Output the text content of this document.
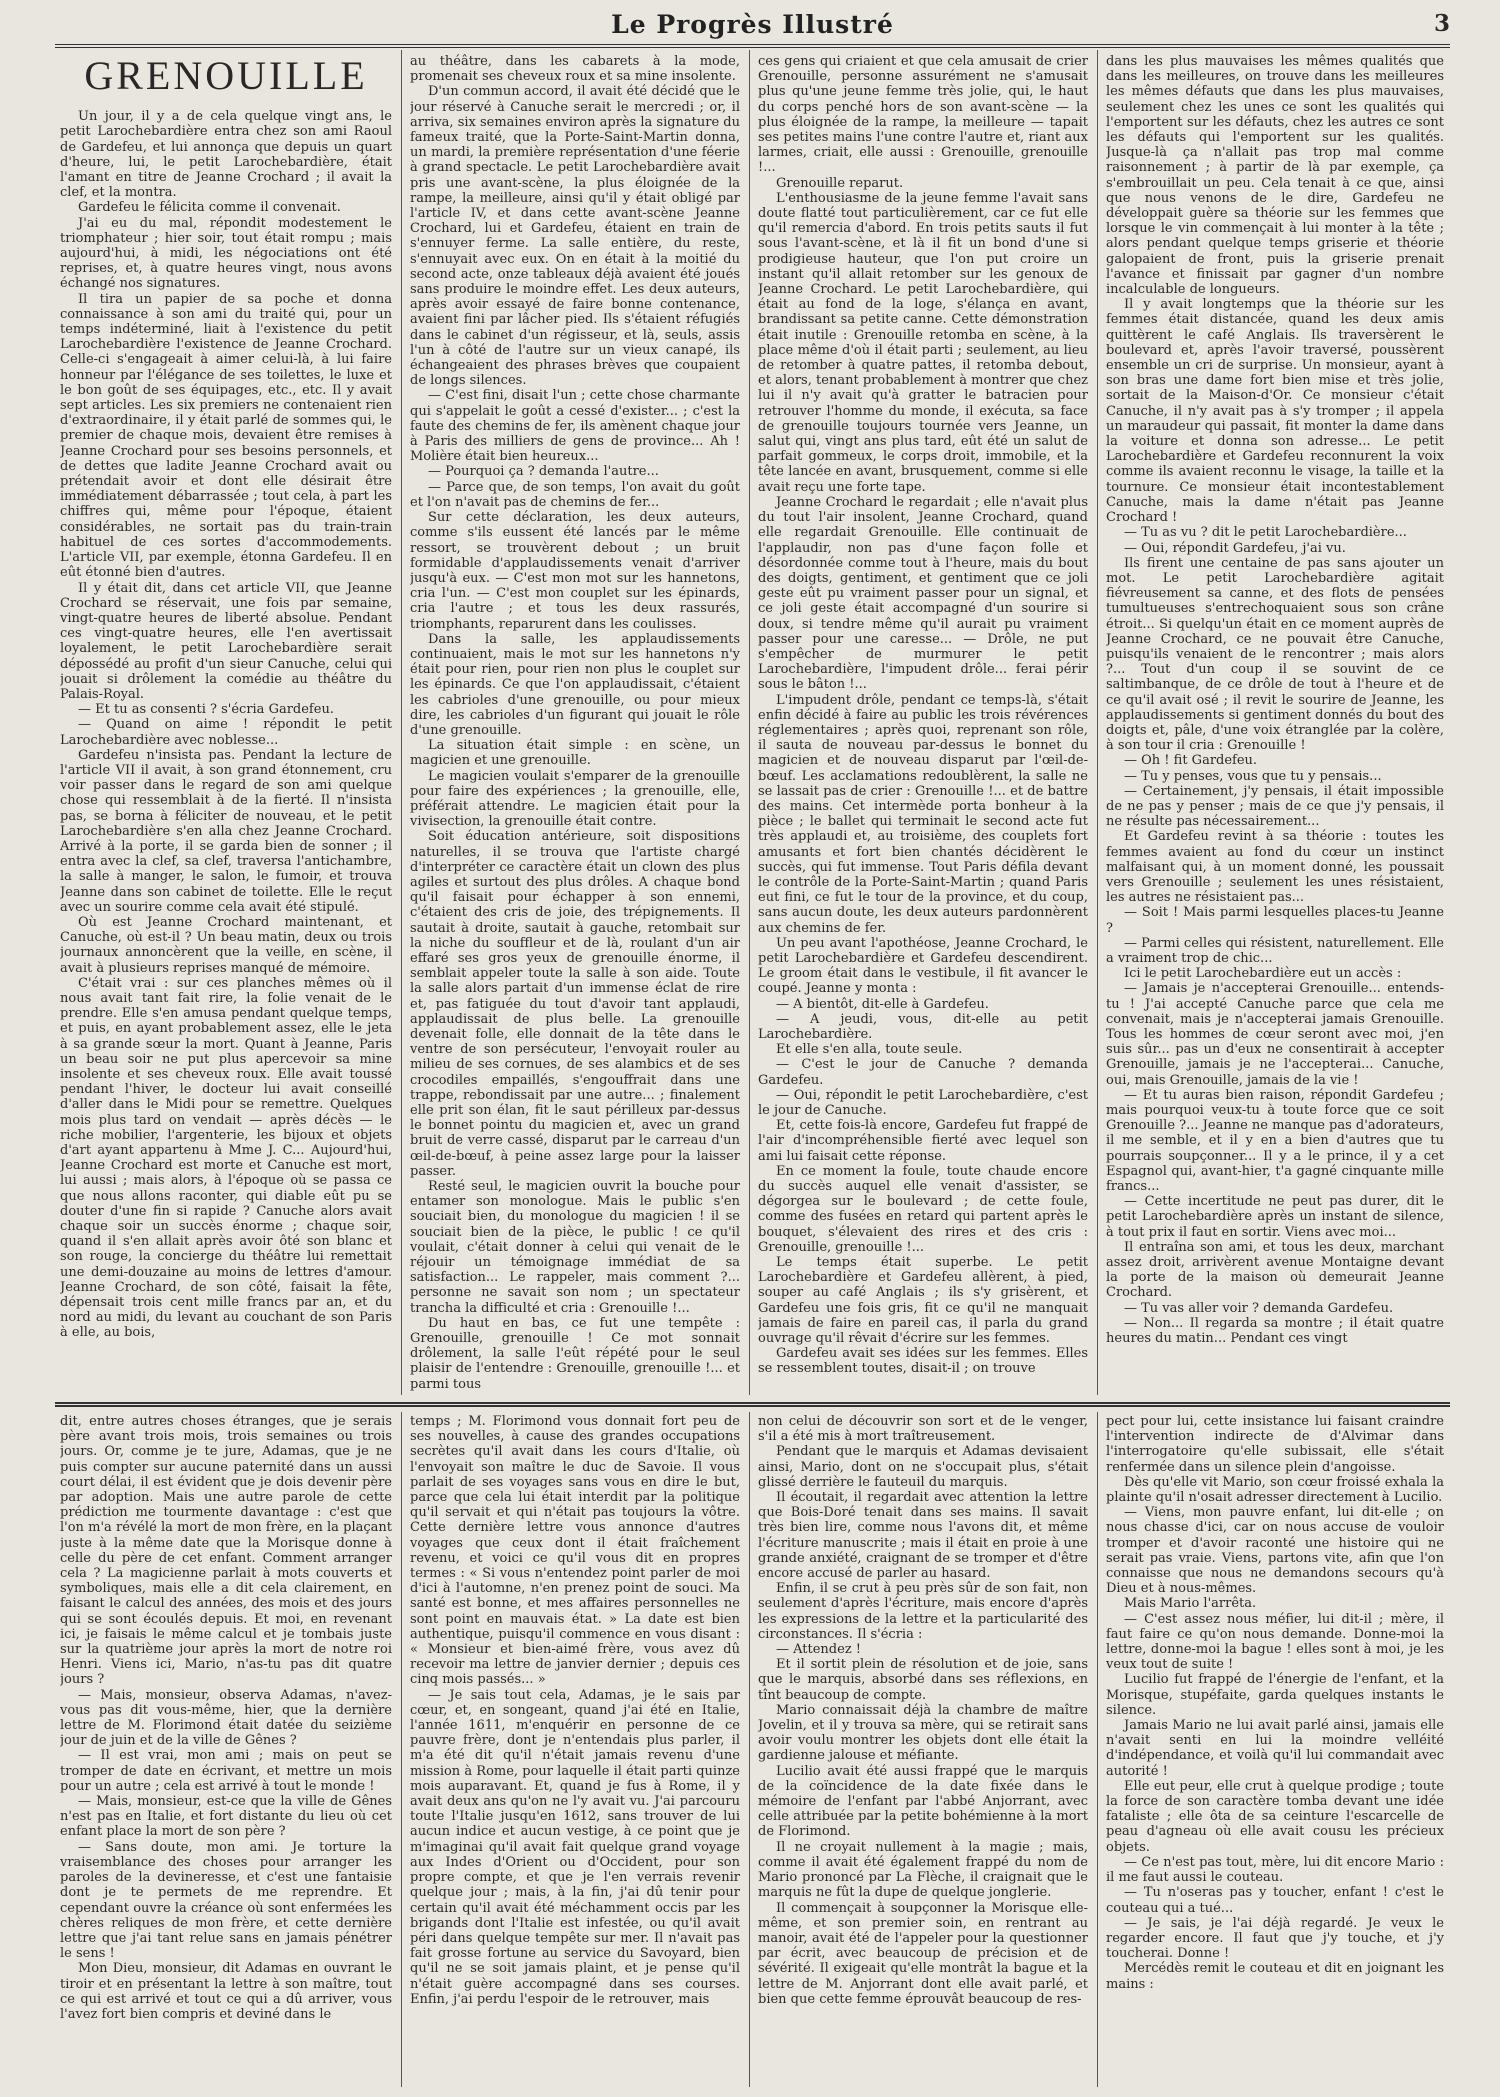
Le Progrès Illustré	3
GRENOUILLE

Un jour, il y a de cela quelque vingt ans, le petit Larochebardière entra chez son ami Raoul de Gardefeu, et lui annonça que depuis un quart d'heure, lui, le petit Larochebardière, était l'amant en titre de Jeanne Crochard ; il avait la clef, et la montra.

Gardefeu le félicita comme il convenait.

J'ai eu du mal, répondit modestement le triomphateur ; hier soir, tout était rompu ; mais aujourd'hui, à midi, les négociations ont été reprises, et, à quatre heures vingt, nous avons échangé nos signatures.

Il tira un papier de sa poche et donna connaissance à son ami du traité qui, pour un temps indéterminé, liait à l'existence du petit Larochebardière l'existence de Jeanne Crochard. Celle-ci s'engageait à aimer celui-là, à lui faire honneur par l'élégance de ses toilettes, le luxe et le bon goût de ses équipages, etc., etc. Il y avait sept articles. Les six premiers ne contenaient rien d'extraordinaire, il y était parlé de sommes qui, le premier de chaque mois, devaient être remises à Jeanne Crochard pour ses besoins personnels, et de dettes que ladite Jeanne Crochard avait ou prétendait avoir et dont elle désirait être immédiatement débarrassée ; tout cela, à part les chiffres qui, même pour l'époque, étaient considérables, ne sortait pas du train-train habituel de ces sortes d'accommodements. L'article VII, par exemple, étonna Gardefeu. Il en eût étonné bien d'autres.

Il y était dit, dans cet article VII, que Jeanne Crochard se réservait, une fois par semaine, vingt-quatre heures de liberté absolue. Pendant ces vingt-quatre heures, elle l'en avertissait loyalement, le petit Larochebardière serait dépossédé au profit d'un sieur Canuche, celui qui jouait si drôlement la comédie au théâtre du Palais-Royal.

— Et tu as consenti ? s'écria Gardefeu.

— Quand on aime ! répondit le petit Larochebardière avec noblesse...

Gardefeu n'insista pas. Pendant la lecture de l'article VII il avait, à son grand étonnement, cru voir passer dans le regard de son ami quelque chose qui ressemblait à de la fierté. Il n'insista pas, se borna à féliciter de nouveau, et le petit Larochebardière s'en alla chez Jeanne Crochard. Arrivé à la porte, il se garda bien de sonner ; il entra avec la clef, sa clef, traversa l'antichambre, la salle à manger, le salon, le fumoir, et trouva Jeanne dans son cabinet de toilette. Elle le reçut avec un sourire comme cela avait été stipulé.

Où est Jeanne Crochard maintenant, et Canuche, où est-il ? Un beau matin, deux ou trois journaux annoncèrent que la veille, en scène, il avait à plusieurs reprises manqué de mémoire.

C'était vrai : sur ces planches mêmes où il nous avait tant fait rire, la folie venait de le prendre. Elle s'en amusa pendant quelque temps, et puis, en ayant probablement assez, elle le jeta à sa grande sœur la mort. Quant à Jeanne, Paris un beau soir ne put plus apercevoir sa mine insolente et ses cheveux roux. Elle avait toussé pendant l'hiver, le docteur lui avait conseillé d'aller dans le Midi pour se remettre. Quelques mois plus tard on vendait — après décès — le riche mobilier, l'argenterie, les bijoux et objets d'art ayant appartenu à Mme J. C... Aujourd'hui, Jeanne Crochard est morte et Canuche est mort, lui aussi ; mais alors, à l'époque où se passa ce que nous allons raconter, qui diable eût pu se douter d'une fin si rapide ? Canuche alors avait chaque soir un succès énorme ; chaque soir, quand il s'en allait après avoir ôté son blanc et son rouge, la concierge du théâtre lui remettait une demi-douzaine au moins de lettres d'amour. Jeanne Crochard, de son côté, faisait la fête, dépensait trois cent mille francs par an, et du nord au midi, du levant au couchant de son Paris à elle, au bois,

au théâtre, dans les cabarets à la mode, promenait ses cheveux roux et sa mine insolente.

D'un commun accord, il avait été décidé que le jour réservé à Canuche serait le mercredi ; or, il arriva, six semaines environ après la signature du fameux traité, que la Porte-Saint-Martin donna, un mardi, la première représentation d'une féerie à grand spectacle. Le petit Larochebardière avait pris une avant-scène, la plus éloignée de la rampe, la meilleure, ainsi qu'il y était obligé par l'article IV, et dans cette avant-scène Jeanne Crochard, lui et Gardefeu, étaient en train de s'ennuyer ferme. La salle entière, du reste, s'ennuyait avec eux. On en était à la moitié du second acte, onze tableaux déjà avaient été joués sans produire le moindre effet. Les deux auteurs, après avoir essayé de faire bonne contenance, avaient fini par lâcher pied. Ils s'étaient réfugiés dans le cabinet d'un régisseur, et là, seuls, assis l'un à côté de l'autre sur un vieux canapé, ils échangeaient des phrases brèves que coupaient de longs silences.

— C'est fini, disait l'un ; cette chose charmante qui s'appelait le goût a cessé d'exister... ; c'est la faute des chemins de fer, ils amènent chaque jour à Paris des milliers de gens de province... Ah ! Molière était bien heureux...

— Pourquoi ça ? demanda l'autre...

— Parce que, de son temps, l'on avait du goût et l'on n'avait pas de chemins de fer...

Sur cette déclaration, les deux auteurs, comme s'ils eussent été lancés par le même ressort, se trouvèrent debout ; un bruit formidable d'applaudissements venait d'arriver jusqu'à eux. — C'est mon mot sur les hannetons, cria l'un. — C'est mon couplet sur les épinards, cria l'autre ; et tous les deux rassurés, triomphants, reparurent dans les coulisses.

Dans la salle, les applaudissements continuaient, mais le mot sur les hannetons n'y était pour rien, pour rien non plus le couplet sur les épinards. Ce que l'on applaudissait, c'étaient les cabrioles d'une grenouille, ou pour mieux dire, les cabrioles d'un figurant qui jouait le rôle d'une grenouille.

La situation était simple : en scène, un magicien et une grenouille.

Le magicien voulait s'emparer de la grenouille pour faire des expériences ; la grenouille, elle, préférait attendre. Le magicien était pour la vivisection, la grenouille était contre.

Soit éducation antérieure, soit dispositions naturelles, il se trouva que l'artiste chargé d'interpréter ce caractère était un clown des plus agiles et surtout des plus drôles. A chaque bond qu'il faisait pour échapper à son ennemi, c'étaient des cris de joie, des trépignements. Il sautait à droite, sautait à gauche, retombait sur la niche du souffleur et de là, roulant d'un air effaré ses gros yeux de grenouille énorme, il semblait appeler toute la salle à son aide. Toute la salle alors partait d'un immense éclat de rire et, pas fatiguée du tout d'avoir tant applaudi, applaudissait de plus belle. La grenouille devenait folle, elle donnait de la tête dans le ventre de son persécuteur, l'envoyait rouler au milieu de ses cornues, de ses alambics et de ses crocodiles empaillés, s'engouffrait dans une trappe, rebondissait par une autre... ; finalement elle prit son élan, fit le saut périlleux par-dessus le bonnet pointu du magicien et, avec un grand bruit de verre cassé, disparut par le carreau d'un œil-de-bœuf, à peine assez large pour la laisser passer.

Resté seul, le magicien ouvrit la bouche pour entamer son monologue. Mais le public s'en souciait bien, du monologue du magicien ! il se souciait bien de la pièce, le public ! ce qu'il voulait, c'était donner à celui qui venait de le réjouir un témoignage immédiat de sa satisfaction... Le rappeler, mais comment ?... personne ne savait son nom ; un spectateur trancha la difficulté et cria : Grenouille !...

Du haut en bas, ce fut une tempête : Grenouille, grenouille ! Ce mot sonnait drôlement, la salle l'eût répété pour le seul plaisir de l'entendre : Grenouille, grenouille !... et parmi tous

ces gens qui criaient et que cela amusait de crier Grenouille, personne assurément ne s'amusait plus qu'une jeune femme très jolie, qui, le haut du corps penché hors de son avant-scène — la plus éloignée de la rampe, la meilleure — tapait ses petites mains l'une contre l'autre et, riant aux larmes, criait, elle aussi : Grenouille, grenouille !...

Grenouille reparut.

L'enthousiasme de la jeune femme l'avait sans doute flatté tout particulièrement, car ce fut elle qu'il remercia d'abord. En trois petits sauts il fut sous l'avant-scène, et là il fit un bond d'une si prodigieuse hauteur, que l'on put croire un instant qu'il allait retomber sur les genoux de Jeanne Crochard. Le petit Larochebardière, qui était au fond de la loge, s'élança en avant, brandissant sa petite canne. Cette démonstration était inutile : Grenouille retomba en scène, à la place même d'où il était parti ; seulement, au lieu de retomber à quatre pattes, il retomba debout, et alors, tenant probablement à montrer que chez lui il n'y avait qu'à gratter le batracien pour retrouver l'homme du monde, il exécuta, sa face de grenouille toujours tournée vers Jeanne, un salut qui, vingt ans plus tard, eût été un salut de parfait gommeux, le corps droit, immobile, et la tête lancée en avant, brusquement, comme si elle avait reçu une forte tape.

Jeanne Crochard le regardait ; elle n'avait plus du tout l'air insolent, Jeanne Crochard, quand elle regardait Grenouille. Elle continuait de l'applaudir, non pas d'une façon folle et désordonnée comme tout à l'heure, mais du bout des doigts, gentiment, et gentiment que ce joli geste eût pu vraiment passer pour un signal, et ce joli geste était accompagné d'un sourire si doux, si tendre même qu'il aurait pu vraiment passer pour une caresse... — Drôle, ne put s'empêcher de murmurer le petit Larochebardière, l'impudent drôle... ferai périr sous le bâton !...

L'impudent drôle, pendant ce temps-là, s'était enfin décidé à faire au public les trois révérences réglementaires ; après quoi, reprenant son rôle, il sauta de nouveau par-dessus le bonnet du magicien et de nouveau disparut par l'œil-de-bœuf. Les acclamations redoublèrent, la salle ne se lassait pas de crier : Grenouille !... et de battre des mains. Cet intermède porta bonheur à la pièce ; le ballet qui terminait le second acte fut très applaudi et, au troisième, des couplets fort amusants et fort bien chantés décidèrent le succès, qui fut immense. Tout Paris défila devant le contrôle de la Porte-Saint-Martin ; quand Paris eut fini, ce fut le tour de la province, et du coup, sans aucun doute, les deux auteurs pardonnèrent aux chemins de fer.

Un peu avant l'apothéose, Jeanne Crochard, le petit Larochebardière et Gardefeu descendirent. Le groom était dans le vestibule, il fit avancer le coupé. Jeanne y monta :

— A bientôt, dit-elle à Gardefeu.

— A jeudi, vous, dit-elle au petit Larochebardière.

Et elle s'en alla, toute seule.

— C'est le jour de Canuche ? demanda Gardefeu.

— Oui, répondit le petit Larochebardière, c'est le jour de Canuche.

Et, cette fois-là encore, Gardefeu fut frappé de l'air d'incompréhensible fierté avec lequel son ami lui faisait cette réponse.

En ce moment la foule, toute chaude encore du succès auquel elle venait d'assister, se dégorgea sur le boulevard ; de cette foule, comme des fusées en retard qui partent après le bouquet, s'élevaient des rires et des cris : Grenouille, grenouille !...

Le temps était superbe. Le petit Larochebardière et Gardefeu allèrent, à pied, souper au café Anglais ; ils s'y grisèrent, et Gardefeu une fois gris, fit ce qu'il ne manquait jamais de faire en pareil cas, il parla du grand ouvrage qu'il rêvait d'écrire sur les femmes.

Gardefeu avait ses idées sur les femmes. Elles se ressemblent toutes, disait-il ; on trouve

dans les plus mauvaises les mêmes qualités que dans les meilleures, on trouve dans les meilleures les mêmes défauts que dans les plus mauvaises, seulement chez les unes ce sont les qualités qui l'emportent sur les défauts, chez les autres ce sont les défauts qui l'emportent sur les qualités. Jusque-là ça n'allait pas trop mal comme raisonnement ; à partir de là par exemple, ça s'embrouillait un peu. Cela tenait à ce que, ainsi que nous venons de le dire, Gardefeu ne développait guère sa théorie sur les femmes que lorsque le vin commençait à lui monter à la tête ; alors pendant quelque temps griserie et théorie galopaient de front, puis la griserie prenait l'avance et finissait par gagner d'un nombre incalculable de longueurs.

Il y avait longtemps que la théorie sur les femmes était distancée, quand les deux amis quittèrent le café Anglais. Ils traversèrent le boulevard et, après l'avoir traversé, poussèrent ensemble un cri de surprise. Un monsieur, ayant à son bras une dame fort bien mise et très jolie, sortait de la Maison-d'Or. Ce monsieur c'était Canuche, il n'y avait pas à s'y tromper ; il appela un maraudeur qui passait, fit monter la dame dans la voiture et donna son adresse... Le petit Larochebardière et Gardefeu reconnurent la voix comme ils avaient reconnu le visage, la taille et la tournure. Ce monsieur était incontestablement Canuche, mais la dame n'était pas Jeanne Crochard !

— Tu as vu ? dit le petit Larochebardière...

— Oui, répondit Gardefeu, j'ai vu.

Ils firent une centaine de pas sans ajouter un mot. Le petit Larochebardière agitait fiévreusement sa canne, et des flots de pensées tumultueuses s'entrechoquaient sous son crâne étroit... Si quelqu'un était en ce moment auprès de Jeanne Crochard, ce ne pouvait être Canuche, puisqu'ils venaient de le rencontrer ; mais alors ?... Tout d'un coup il se souvint de ce saltimbanque, de ce drôle de tout à l'heure et de ce qu'il avait osé ; il revit le sourire de Jeanne, les applaudissements si gentiment donnés du bout des doigts et, pâle, d'une voix étranglée par la colère, à son tour il cria : Grenouille !

— Oh ! fit Gardefeu.

— Tu y penses, vous que tu y pensais...

— Certainement, j'y pensais, il était impossible de ne pas y penser ; mais de ce que j'y pensais, il ne résulte pas nécessairement...

Et Gardefeu revint à sa théorie : toutes les femmes avaient au fond du cœur un instinct malfaisant qui, à un moment donné, les poussait vers Grenouille ; seulement les unes résistaient, les autres ne résistaient pas...

— Soit ! Mais parmi lesquelles places-tu Jeanne ?

— Parmi celles qui résistent, naturellement. Elle a vraiment trop de chic...

Ici le petit Larochebardière eut un accès :

— Jamais je n'accepterai Grenouille... entends-tu ! J'ai accepté Canuche parce que cela me convenait, mais je n'accepterai jamais Grenouille. Tous les hommes de cœur seront avec moi, j'en suis sûr... pas un d'eux ne consentirait à accepter Grenouille, jamais je ne l'accepterai... Canuche, oui, mais Grenouille, jamais de la vie !

— Et tu auras bien raison, répondit Gardefeu ; mais pourquoi veux-tu à toute force que ce soit Grenouille ?... Jeanne ne manque pas d'adorateurs, il me semble, et il y en a bien d'autres que tu pourrais soupçonner... Il y a le prince, il y a cet Espagnol qui, avant-hier, t'a gagné cinquante mille francs...

— Cette incertitude ne peut pas durer, dit le petit Larochebardière après un instant de silence, à tout prix il faut en sortir. Viens avec moi...

Il entraîna son ami, et tous les deux, marchant assez droit, arrivèrent avenue Montaigne devant la porte de la maison où demeurait Jeanne Crochard.

— Tu vas aller voir ? demanda Gardefeu.

— Non... Il regarda sa montre ; il était quatre heures du matin... Pendant ces vingt

dit, entre autres choses étranges, que je serais père avant trois mois, trois semaines ou trois jours. Or, comme je te jure, Adamas, que je ne puis compter sur aucune paternité dans un aussi court délai, il est évident que je dois devenir père par adoption. Mais une autre parole de cette prédiction me tourmente davantage : c'est que l'on m'a révélé la mort de mon frère, en la plaçant juste à la même date que la Morisque donne à celle du père de cet enfant. Comment arranger cela ? La magicienne parlait à mots couverts et symboliques, mais elle a dit cela clairement, en faisant le calcul des années, des mois et des jours qui se sont écoulés depuis. Et moi, en revenant ici, je faisais le même calcul et je tombais juste sur la quatrième jour après la mort de notre roi Henri. Viens ici, Mario, n'as-tu pas dit quatre jours ?

— Mais, monsieur, observa Adamas, n'avez-vous pas dit vous-même, hier, que la dernière lettre de M. Florimond était datée du seizième jour de juin et de la ville de Gênes ?

— Il est vrai, mon ami ; mais on peut se tromper de date en écrivant, et mettre un mois pour un autre ; cela est arrivé à tout le monde !

— Mais, monsieur, est-ce que la ville de Gênes n'est pas en Italie, et fort distante du lieu où cet enfant place la mort de son père ?

— Sans doute, mon ami. Je torture la vraisemblance des choses pour arranger les paroles de la devineresse, et c'est une fantaisie dont je te permets de me reprendre. Et cependant ouvre la créance où sont enfermées les chères reliques de mon frère, et cette dernière lettre que j'ai tant relue sans en jamais pénétrer le sens !

Mon Dieu, monsieur, dit Adamas en ouvrant le tiroir et en présentant la lettre à son maître, tout ce qui est arrivé et tout ce qui a dû arriver, vous l'avez fort bien compris et deviné dans le

temps ; M. Florimond vous donnait fort peu de ses nouvelles, à cause des grandes occupations secrètes qu'il avait dans les cours d'Italie, où l'envoyait son maître le duc de Savoie. Il vous parlait de ses voyages sans vous en dire le but, parce que cela lui était interdit par la politique qu'il servait et qui n'était pas toujours la vôtre. Cette dernière lettre vous annonce d'autres voyages que ceux dont il était fraîchement revenu, et voici ce qu'il vous dit en propres termes : « Si vous n'entendez point parler de moi d'ici à l'automne, n'en prenez point de souci. Ma santé est bonne, et mes affaires personnelles ne sont point en mauvais état. » La date est bien authentique, puisqu'il commence en vous disant : « Monsieur et bien-aimé frère, vous avez dû recevoir ma lettre de janvier dernier ; depuis ces cinq mois passés... »

— Je sais tout cela, Adamas, je le sais par cœur, et, en songeant, quand j'ai été en Italie, l'année 1611, m'enquérir en personne de ce pauvre frère, dont je n'entendais plus parler, il m'a été dit qu'il n'était jamais revenu d'une mission à Rome, pour laquelle il était parti quinze mois auparavant. Et, quand je fus à Rome, il y avait deux ans qu'on ne l'y avait vu. J'ai parcouru toute l'Italie jusqu'en 1612, sans trouver de lui aucun indice et aucun vestige, à ce point que je m'imaginai qu'il avait fait quelque grand voyage aux Indes d'Orient ou d'Occident, pour son propre compte, et que je l'en verrais revenir quelque jour ; mais, à la fin, j'ai dû tenir pour certain qu'il avait été méchamment occis par les brigands dont l'Italie est infestée, ou qu'il avait péri dans quelque tempête sur mer. Il n'avait pas fait grosse fortune au service du Savoyard, bien qu'il ne se soit jamais plaint, et je pense qu'il n'était guère accompagné dans ses courses. Enfin, j'ai perdu l'espoir de le retrouver, mais

non celui de découvrir son sort et de le venger, s'il a été mis à mort traîtreusement.

Pendant que le marquis et Adamas devisaient ainsi, Mario, dont on ne s'occupait plus, s'était glissé derrière le fauteuil du marquis.

Il écoutait, il regardait avec attention la lettre que Bois-Doré tenait dans ses mains. Il savait très bien lire, comme nous l'avons dit, et même l'écriture manuscrite ; mais il était en proie à une grande anxiété, craignant de se tromper et d'être encore accusé de parler au hasard.

Enfin, il se crut à peu près sûr de son fait, non seulement d'après l'écriture, mais encore d'après les expressions de la lettre et la particularité des circonstances. Il s'écria :

— Attendez !

Et il sortit plein de résolution et de joie, sans que le marquis, absorbé dans ses réflexions, en tînt beaucoup de compte.

Mario connaissait déjà la chambre de maître Jovelin, et il y trouva sa mère, qui se retirait sans avoir voulu montrer les objets dont elle était la gardienne jalouse et méfiante.

Lucilio avait été aussi frappé que le marquis de la coïncidence de la date fixée dans le mémoire de l'enfant par l'abbé Anjorrant, avec celle attribuée par la petite bohémienne à la mort de Florimond.

Il ne croyait nullement à la magie ; mais, comme il avait été également frappé du nom de Mario prononcé par La Flèche, il craignait que le marquis ne fût la dupe de quelque jonglerie.

Il commençait à soupçonner la Morisque elle-même, et son premier soin, en rentrant au manoir, avait été de l'appeler pour la questionner par écrit, avec beaucoup de précision et de sévérité. Il exigeait qu'elle montrât la bague et la lettre de M. Anjorrant dont elle avait parlé, et bien que cette femme éprouvât beaucoup de res-

pect pour lui, cette insistance lui faisant craindre l'intervention indirecte de d'Alvimar dans l'interrogatoire qu'elle subissait, elle s'était renfermée dans un silence plein d'angoisse.

Dès qu'elle vit Mario, son cœur froissé exhala la plainte qu'il n'osait adresser directement à Lucilio.

— Viens, mon pauvre enfant, lui dit-elle ; on nous chasse d'ici, car on nous accuse de vouloir tromper et d'avoir raconté une histoire qui ne serait pas vraie. Viens, partons vite, afin que l'on connaisse que nous ne demandons secours qu'à Dieu et à nous-mêmes.

Mais Mario l'arrêta.

— C'est assez nous méfier, lui dit-il ; mère, il faut faire ce qu'on nous demande. Donne-moi la lettre, donne-moi la bague ! elles sont à moi, je les veux tout de suite !

Lucilio fut frappé de l'énergie de l'enfant, et la Morisque, stupéfaite, garda quelques instants le silence.

Jamais Mario ne lui avait parlé ainsi, jamais elle n'avait senti en lui la moindre velléité d'indépendance, et voilà qu'il lui commandait avec autorité !

Elle eut peur, elle crut à quelque prodige ; toute la force de son caractère tomba devant une idée fataliste ; elle ôta de sa ceinture l'escarcelle de peau d'agneau où elle avait cousu les précieux objets.

— Ce n'est pas tout, mère, lui dit encore Mario : il me faut aussi le couteau.

— Tu n'oseras pas y toucher, enfant ! c'est le couteau qui a tué...

— Je sais, je l'ai déjà regardé. Je veux le regarder encore. Il faut que j'y touche, et j'y toucherai. Donne !

Mercédès remit le couteau et dit en joignant les mains :
